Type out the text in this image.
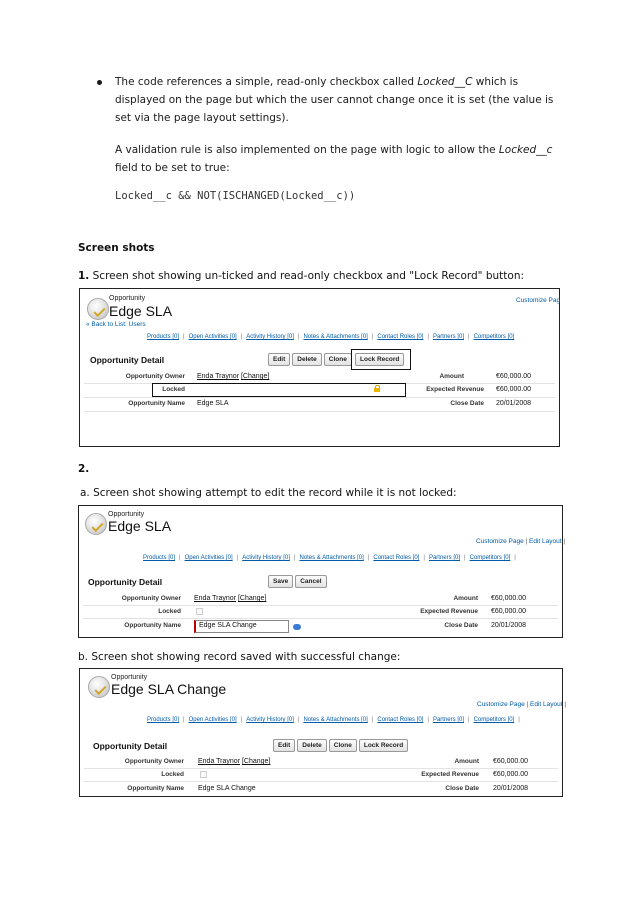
The code references a simple, read-only checkbox called Locked__C which is displayed on the page but which the user cannot change once it is set (the value is set via the page layout settings).
A validation rule is also implemented on the page with logic to allow the Locked__c field to be set to true:
Locked__c && NOT(ISCHANGED(Locked__c))
Screen shots
1. Screen shot showing un-ticked and read-only checkbox and "Lock Record" button:
Opportunity
Edge SLA
Customize Pag
« Back to List: Users
Products [0] | Open Activities [0] | Activity History [0] | Notes & Attachments [0] | Contact Roles [0] | Partners [0] | Competitors [0]
Opportunity Detail	Edit	Delete	Clone	Lock Record
Opportunity Owner Enda Traynor [Change]	Amount	€60,000.00
Locked	Expected Revenue €60,000.00
Opportunity Name Edge SLA	Close Date 20/01/2008
2.
a. Screen shot showing attempt to edit the record while it is not locked:
Opportunity
Edge SLA
Customize Page | Edit Layout |
Products [0] | Open Activities [0] | Activity History [0] | Notes & Attachments [0] | Contact Roles [0] | Partners [0] | Competitors [0] |
Opportunity Detail	Save	Cancel
Opportunity Owner Enda Traynor [Change]	Amount €60,000.00
Locked	Expected Revenue €60,000.00
Opportunity Name	Edge SLA Change	Close Date 20/01/2008
b. Screen shot showing record saved with successful change:
Opportunity
Edge SLA Change
Customize Page | Edit Layout |
Products [0] | Open Activities [0] | Activity History [0] | Notes & Attachments [0] | Contact Roles [0] | Partners [0] | Competitors [0] |
Opportunity Detail	Edit	Delete	Clone	Lock Record
Opportunity Owner Enda Traynor [Change]	Amount €60,000.00
Locked	Expected Revenue €60,000.00
Opportunity Name Edge SLA Change	Close Date 20/01/2008
